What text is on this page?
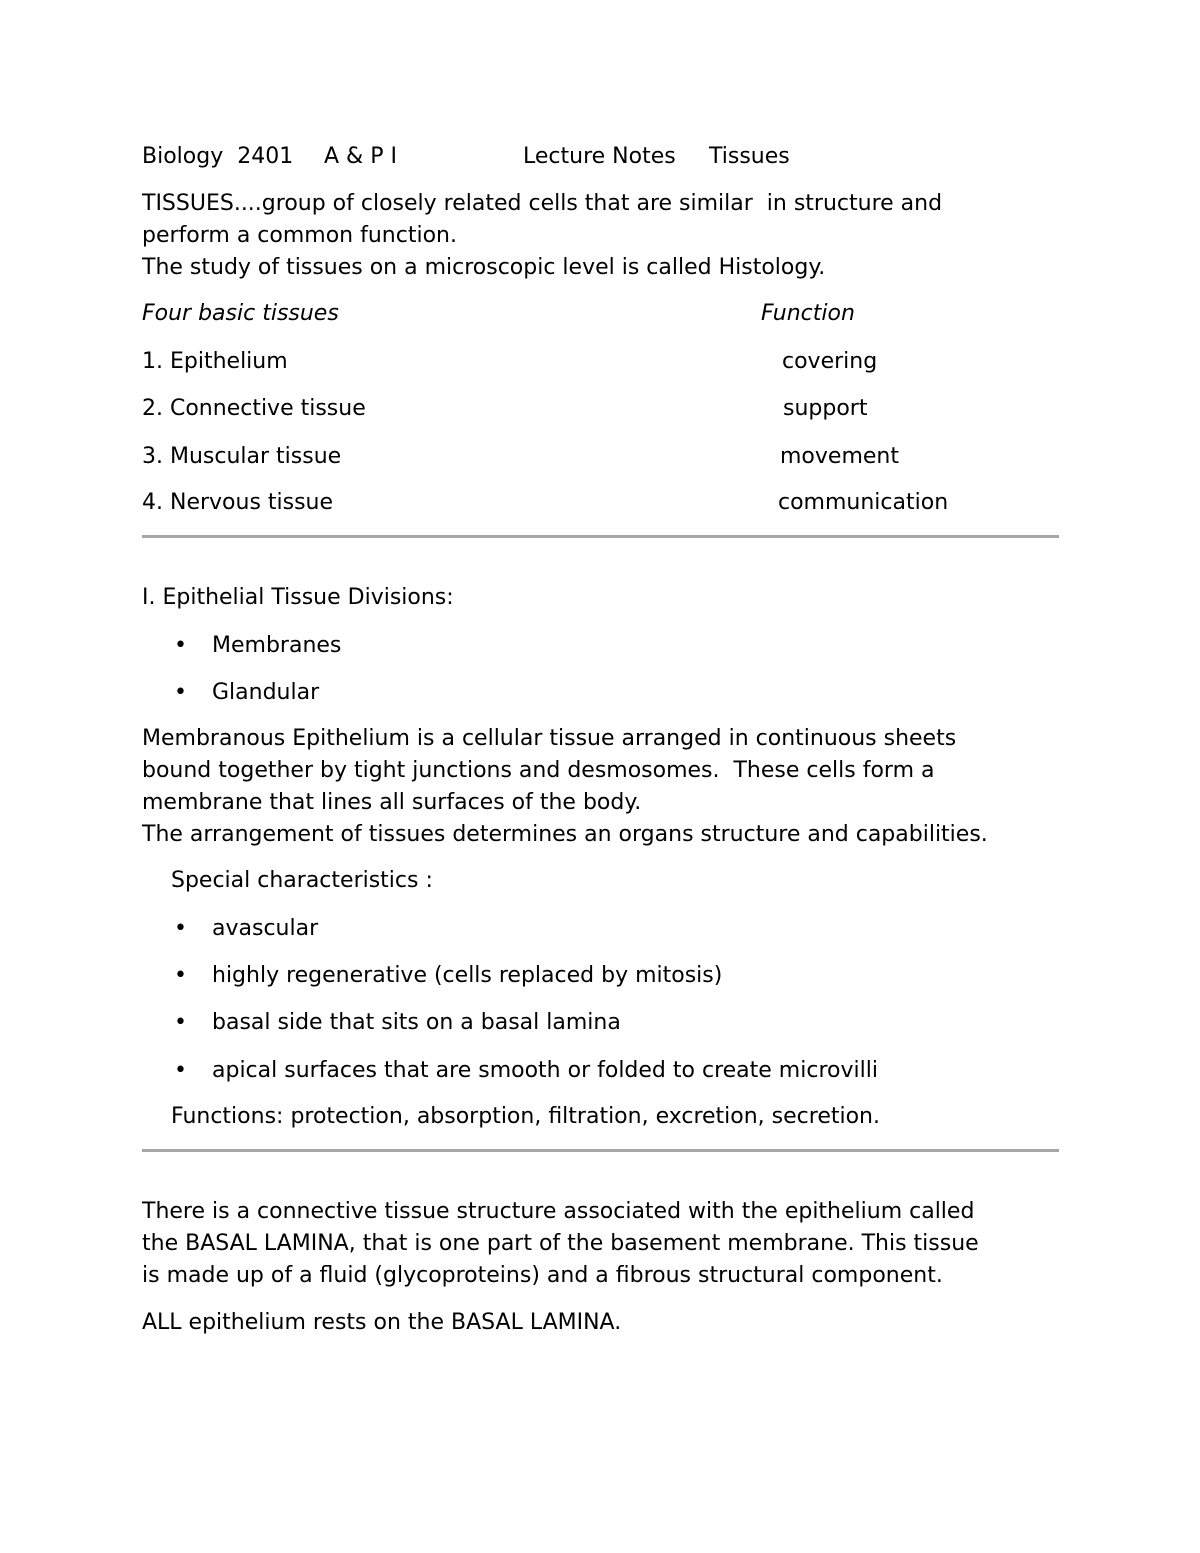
Biology  2401 A & P I	Lecture Notes Tissues
TISSUES....group of closely related cells that are similar  in structure and
perform a common function.
The study of tissues on a microscopic level is called Histology.
Four basic tissues	Function
1. Epithelium	covering
2. Connective tissue	support
3. Muscular tissue	movement
4. Nervous tissue	communication
I. Epithelial Tissue Divisions:
• Membranes
• Glandular
Membranous Epithelium is a cellular tissue arranged in continuous sheets
bound together by tight junctions and desmosomes.  These cells form a
membrane that lines all surfaces of the body.
The arrangement of tissues determines an organs structure and capabilities.
Special characteristics :
• avascular
• highly regenerative (cells replaced by mitosis)
• basal side that sits on a basal lamina
• apical surfaces that are smooth or folded to create microvilli
Functions: protection, absorption, filtration, excretion, secretion.
There is a connective tissue structure associated with the epithelium called
the BASAL LAMINA, that is one part of the basement membrane. This tissue
is made up of a fluid (glycoproteins) and a fibrous structural component.
ALL epithelium rests on the BASAL LAMINA.
